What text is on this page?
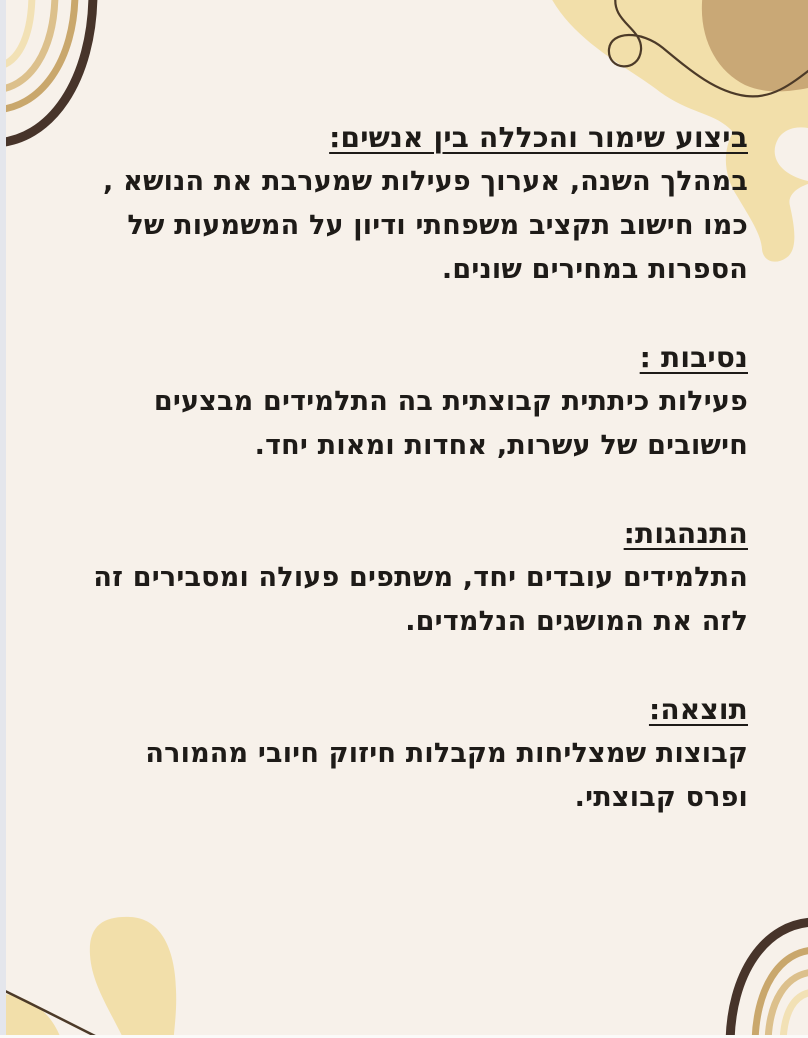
ביצוע שימור והכללה בין אנשים:
במהלך השנה, אערוך פעילות שמערבת את הנושא ,
כמו חישוב תקציב משפחתי ודיון על המשמעות של
הספרות במחירים שונים.
נסיבות :
פעילות כיתתית קבוצתית בה התלמידים מבצעים
חישובים של עשרות, אחדות ומאות יחד.
התנהגות:
התלמידים עובדים יחד, משתפים פעולה ומסבירים זה
לזה את המושגים הנלמדים.
תוצאה:
קבוצות שמצליחות מקבלות חיזוק חיובי מהמורה
ופרס קבוצתי.
